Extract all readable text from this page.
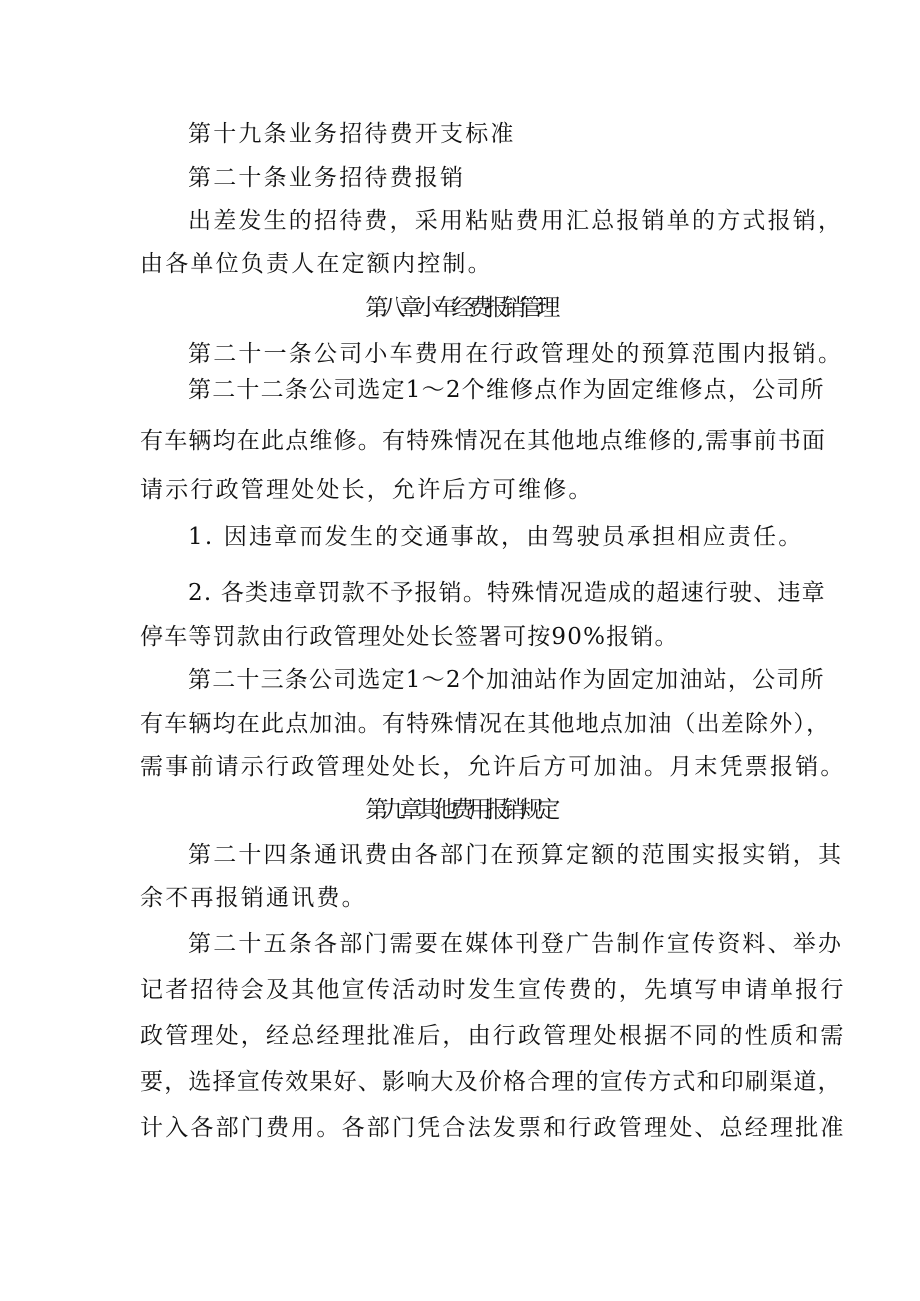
第十九条业务招待费开支标准

第二十条业务招待费报销

出差发生的招待费，采用粘贴费用汇总报销单的方式报销，

由各单位负责人在定额内控制。

第八章小车经费报销管理

第二十一条公司小车费用在行政管理处的预算范围内报销。

第二十二条公司选定1～2个维修点作为固定维修点，公司所

有车辆均在此点维修。有特殊情况在其他地点维修的,需事前书面

请示行政管理处处长，允许后方可维修。

1. 因违章而发生的交通事故，由驾驶员承担相应责任。

2. 各类违章罚款不予报销。特殊情况造成的超速行驶、违章

停车等罚款由行政管理处处长签署可按90%报销。

第二十三条公司选定1～2个加油站作为固定加油站，公司所

有车辆均在此点加油。有特殊情况在其他地点加油（出差除外），

需事前请示行政管理处处长，允许后方可加油。月末凭票报销。

第九章其他费用报销规定

第二十四条通讯费由各部门在预算定额的范围实报实销，其

余不再报销通讯费。

第二十五条各部门需要在媒体刊登广告制作宣传资料、举办

记者招待会及其他宣传活动时发生宣传费的，先填写申请单报行

政管理处，经总经理批准后，由行政管理处根据不同的性质和需

要，选择宣传效果好、影响大及价格合理的宣传方式和印刷渠道，

计入各部门费用。各部门凭合法发票和行政管理处、总经理批准
